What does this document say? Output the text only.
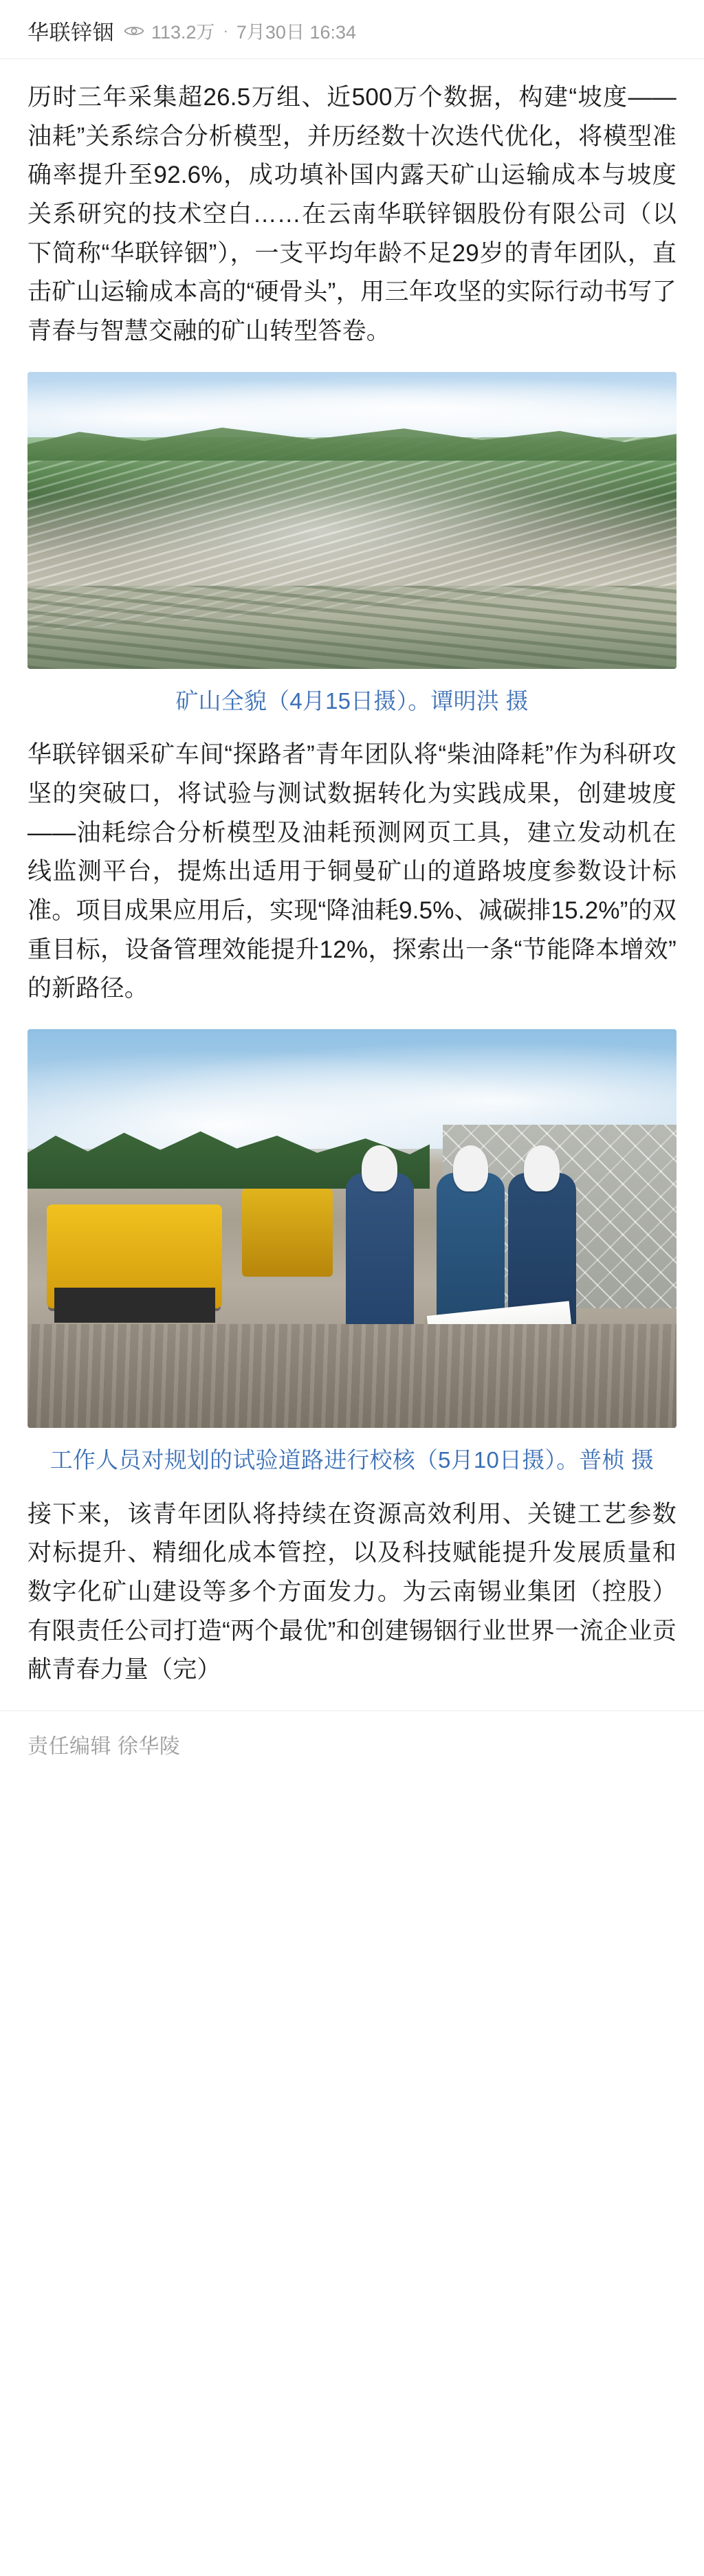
华联锌铟 113.2万 · 7月30日 16:34

历时三年采集超26.5万组、近500万个数据，构建“坡度——油耗”关系综合分析模型，并历经数十次迭代优化，将模型准确率提升至92.6%，成功填补国内露天矿山运输成本与坡度关系研究的技术空白……在云南华联锌铟股份有限公司（以下简称“华联锌铟”），一支平均年龄不足29岁的青年团队，直击矿山运输成本高的“硬骨头”，用三年攻坚的实际行动书写了青春与智慧交融的矿山转型答卷。

矿山全貌（4月15日摄）。谭明洪 摄

华联锌铟采矿车间“探路者”青年团队将“柴油降耗”作为科研攻坚的突破口，将试验与测试数据转化为实践成果，创建坡度——油耗综合分析模型及油耗预测网页工具，建立发动机在线监测平台，提炼出适用于铜曼矿山的道路坡度参数设计标准。项目成果应用后，实现“降油耗9.5%、减碳排15.2%”的双重目标，设备管理效能提升12%，探索出一条“节能降本增效”的新路径。

工作人员对规划的试验道路进行校核（5月10日摄）。普桢 摄

接下来，该青年团队将持续在资源高效利用、关键工艺参数对标提升、精细化成本管控，以及科技赋能提升发展质量和数字化矿山建设等多个方面发力。为云南锡业集团（控股）有限责任公司打造“两个最优”和创建锡铟行业世界一流企业贡献青春力量（完）

责任编辑 徐华陵
